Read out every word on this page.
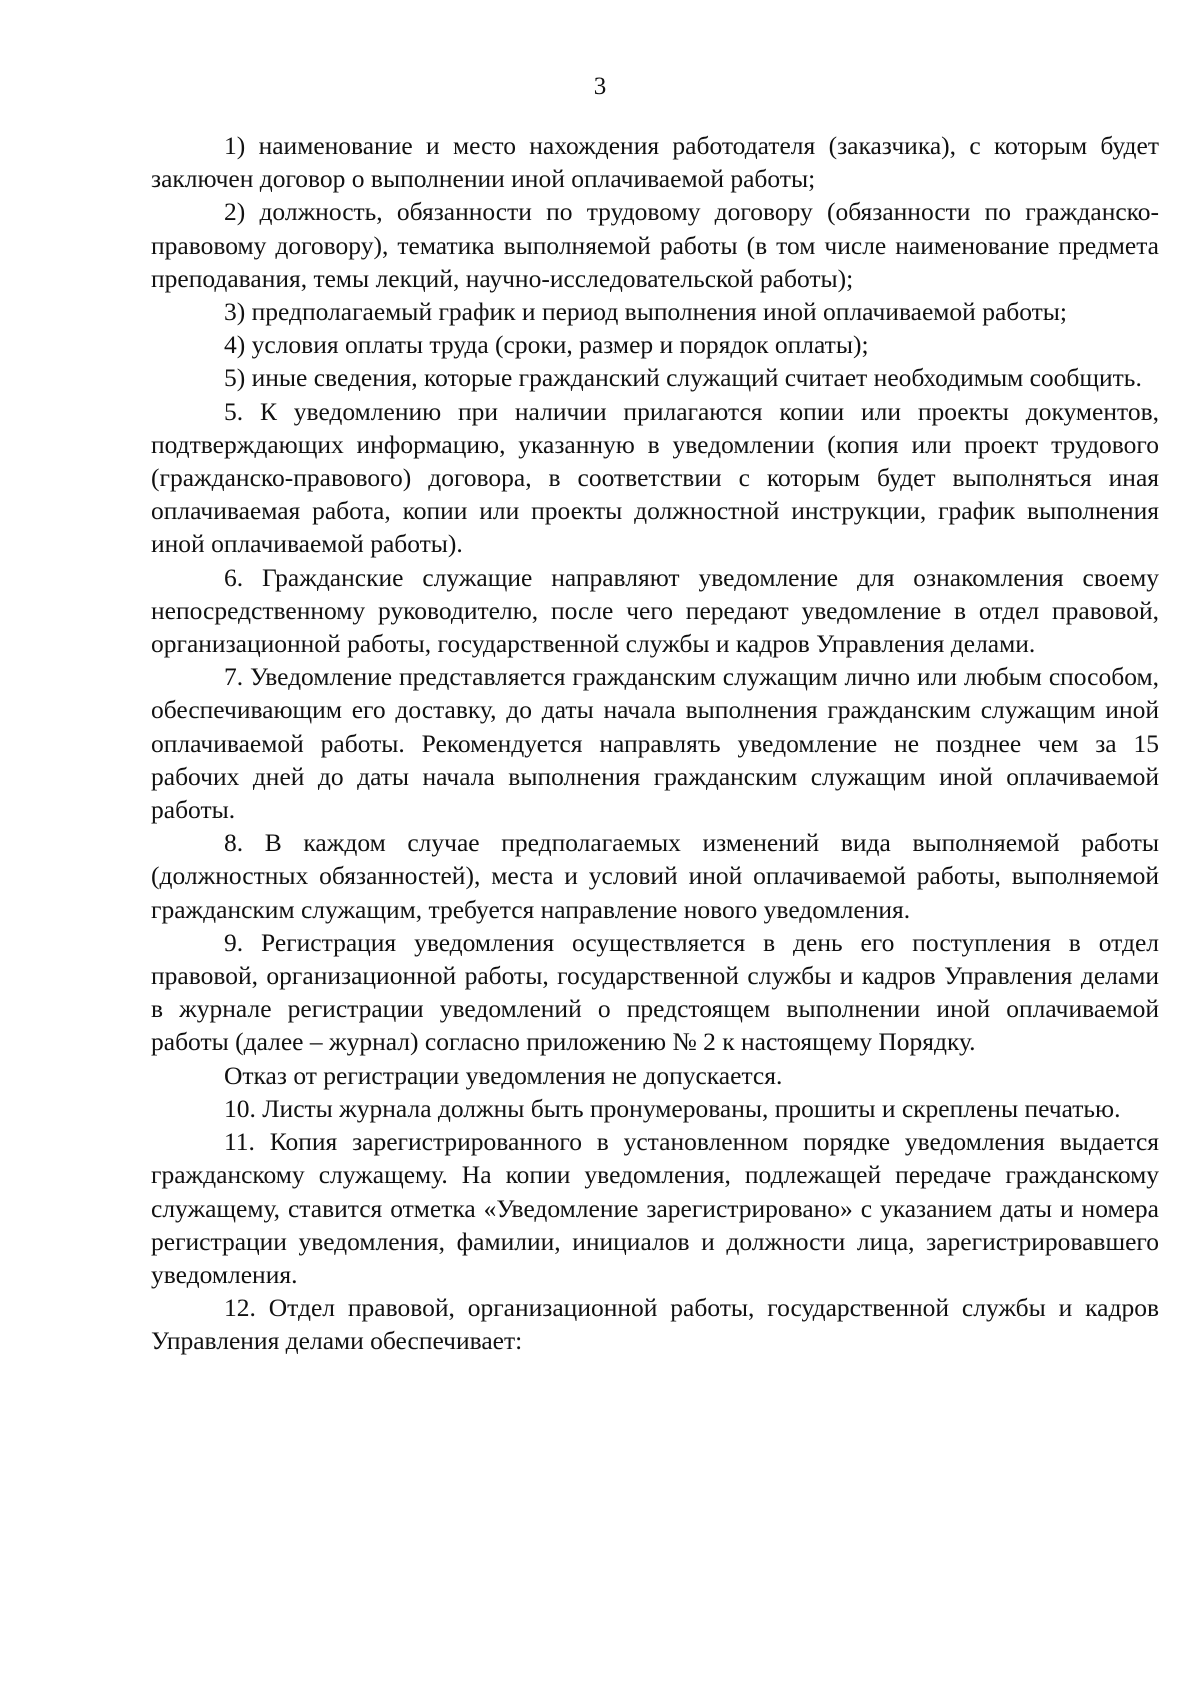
3

1) наименование и место нахождения работодателя (заказчика), с которым будет заключен договор о выполнении иной оплачиваемой работы;

2) должность, обязанности по трудовому договору (обязанности по гражданско-правовому договору), тематика выполняемой работы (в том числе наименование предмета преподавания, темы лекций, научно-исследовательской работы);

3) предполагаемый график и период выполнения иной оплачиваемой работы;

4) условия оплаты труда (сроки, размер и порядок оплаты);

5) иные сведения, которые гражданский служащий считает необходимым сообщить.

5. К уведомлению при наличии прилагаются копии или проекты документов, подтверждающих информацию, указанную в уведомлении (копия или проект трудового (гражданско-правового) договора, в соответствии с которым будет выполняться иная оплачиваемая работа, копии или проекты должностной инструкции, график выполнения иной оплачиваемой работы).

6. Гражданские служащие направляют уведомление для ознакомления своему непосредственному руководителю, после чего передают уведомление в отдел правовой, организационной работы, государственной службы и кадров Управления делами.

7. Уведомление представляется гражданским служащим лично или любым способом, обеспечивающим его доставку, до даты начала выполнения гражданским служащим иной оплачиваемой работы. Рекомендуется направлять уведомление не позднее чем за 15 рабочих дней до даты начала выполнения гражданским служащим иной оплачиваемой работы.

8. В каждом случае предполагаемых изменений вида выполняемой работы (должностных обязанностей), места и условий иной оплачиваемой работы, выполняемой гражданским служащим, требуется направление нового уведомления.

9. Регистрация уведомления осуществляется в день его поступления в отдел правовой, организационной работы, государственной службы и кадров Управления делами в журнале регистрации уведомлений о предстоящем выполнении иной оплачиваемой работы (далее – журнал) согласно приложению № 2 к настоящему Порядку.

Отказ от регистрации уведомления не допускается.

10. Листы журнала должны быть пронумерованы, прошиты и скреплены печатью.

11. Копия зарегистрированного в установленном порядке уведомления выдается гражданскому служащему. На копии уведомления, подлежащей передаче гражданскому служащему, ставится отметка «Уведомление зарегистрировано» с указанием даты и номера регистрации уведомления, фамилии, инициалов и должности лица, зарегистрировавшего уведомления.

12. Отдел правовой, организационной работы, государственной службы и кадров Управления делами обеспечивает:
